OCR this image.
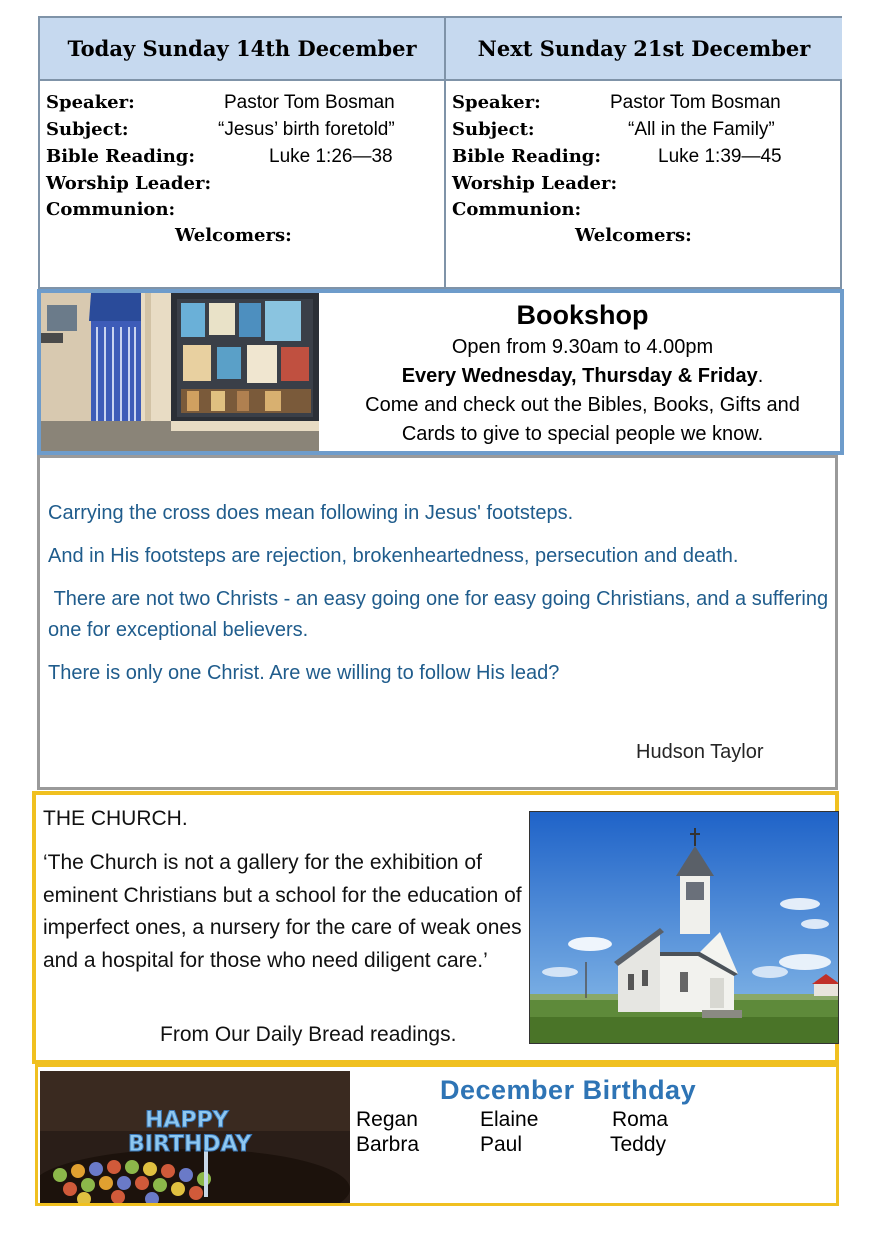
Today Sunday 14th December	Next Sunday 21st December
Speaker:	Pastor Tom Bosman
Subject:	“Jesus’ birth foretold”
Bible Reading:	Luke 1:26—38
Worship Leader:
Communion:
Welcomers:
Speaker:	Pastor Tom Bosman
Subject:	“All in the Family”
Bible Reading:	Luke 1:39—45
Worship Leader:
Communion:
Welcomers:
Bookshop
Open from 9.30am to 4.00pm
Every Wednesday, Thursday & Friday.
Come and check out the Bibles, Books, Gifts and
Cards to give to special people we know.

Carrying the cross does mean following in Jesus' footsteps.

And in His footsteps are rejection, brokenheartedness, persecution and death.

There are not two Christs - an easy going one for easy going Christians, and a suffering one for exceptional believers.

There is only one Christ. Are we willing to follow His lead?

Hudson Taylor
THE CHURCH.
‘The Church is not a gallery for the exhibition of eminent Christians but a school for the education of imperfect ones, a nursery for the care of weak ones and a hospital for those who need diligent care.’
From Our Daily Bread readings.
HAPPY
BIRTHDAY
December Birthday
Regan	Elaine	Roma
Barbra	Paul	Teddy
